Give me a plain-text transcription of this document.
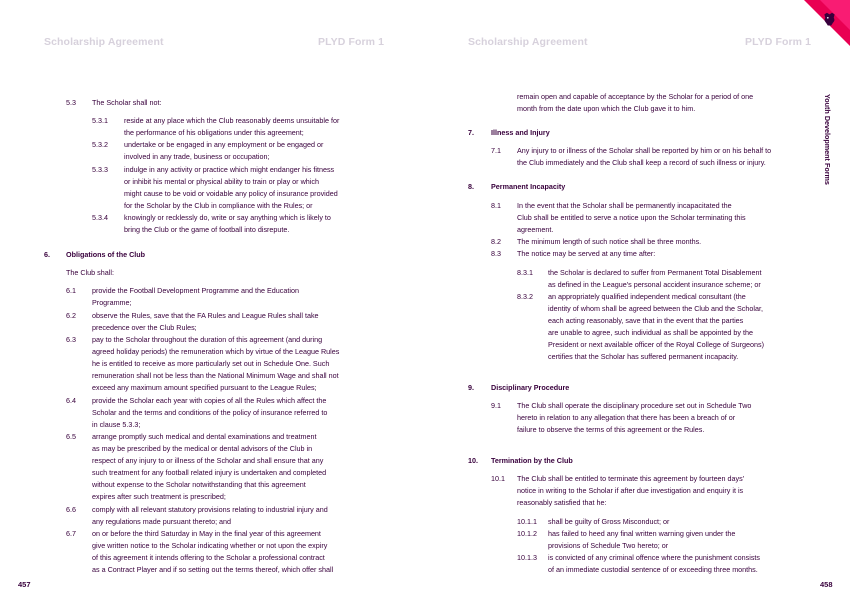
Scholarship Agreement	PLYD Form 1	Scholarship Agreement	PLYD Form 1
Youth Development Forms
457	458
5.3 The Scholar shall not:
5.3.1 reside at any place which the Club reasonably deems unsuitable for
the performance of his obligations under this agreement;
5.3.2 undertake or be engaged in any employment or be engaged or
involved in any trade, business or occupation;
5.3.3 indulge in any activity or practice which might endanger his fitness
or inhibit his mental or physical ability to train or play or which
might cause to be void or voidable any policy of insurance provided
for the Scholar by the Club in compliance with the Rules; or
5.3.4 knowingly or recklessly do, write or say anything which is likely to
bring the Club or the game of football into disrepute.
6. Obligations of the Club
The Club shall:
6.1 provide the Football Development Programme and the Education
Programme;
6.2 observe the Rules, save that the FA Rules and League Rules shall take
precedence over the Club Rules;
6.3 pay to the Scholar throughout the duration of this agreement (and during
agreed holiday periods) the remuneration which by virtue of the League Rules
he is entitled to receive as more particularly set out in Schedule One. Such
remuneration shall not be less than the National Minimum Wage and shall not
exceed any maximum amount specified pursuant to the League Rules;
6.4 provide the Scholar each year with copies of all the Rules which affect the
Scholar and the terms and conditions of the policy of insurance referred to
in clause 5.3.3;
6.5 arrange promptly such medical and dental examinations and treatment
as may be prescribed by the medical or dental advisors of the Club in
respect of any injury to or illness of the Scholar and shall ensure that any
such treatment for any football related injury is undertaken and completed
without expense to the Scholar notwithstanding that this agreement
expires after such treatment is prescribed;
6.6 comply with all relevant statutory provisions relating to industrial injury and
any regulations made pursuant thereto; and
6.7 on or before the third Saturday in May in the final year of this agreement
give written notice to the Scholar indicating whether or not upon the expiry
of this agreement it intends offering to the Scholar a professional contract
as a Contract Player and if so setting out the terms thereof, which offer shall
remain open and capable of acceptance by the Scholar for a period of one
month from the date upon which the Club gave it to him.
7. Illness and Injury
7.1 Any injury to or illness of the Scholar shall be reported by him or on his behalf to
the Club immediately and the Club shall keep a record of such illness or injury.
8. Permanent Incapacity
8.1 In the event that the Scholar shall be permanently incapacitated the
Club shall be entitled to serve a notice upon the Scholar terminating this
agreement.
8.2 The minimum length of such notice shall be three months.
8.3 The notice may be served at any time after:
8.3.1 the Scholar is declared to suffer from Permanent Total Disablement
as defined in the League's personal accident insurance scheme; or
8.3.2 an appropriately qualified independent medical consultant (the
identity of whom shall be agreed between the Club and the Scholar,
each acting reasonably, save that in the event that the parties
are unable to agree, such individual as shall be appointed by the
President or next available officer of the Royal College of Surgeons)
certifies that the Scholar has suffered permanent incapacity.
9. Disciplinary Procedure
9.1 The Club shall operate the disciplinary procedure set out in Schedule Two
hereto in relation to any allegation that there has been a breach of or
failure to observe the terms of this agreement or the Rules.
10. Termination by the Club
10.1 The Club shall be entitled to terminate this agreement by fourteen days'
notice in writing to the Scholar if after due investigation and enquiry it is
reasonably satisfied that he:
10.1.1 shall be guilty of Gross Misconduct; or
10.1.2 has failed to heed any final written warning given under the
provisions of Schedule Two hereto; or
10.1.3 is convicted of any criminal offence where the punishment consists
of an immediate custodial sentence of or exceeding three months.
